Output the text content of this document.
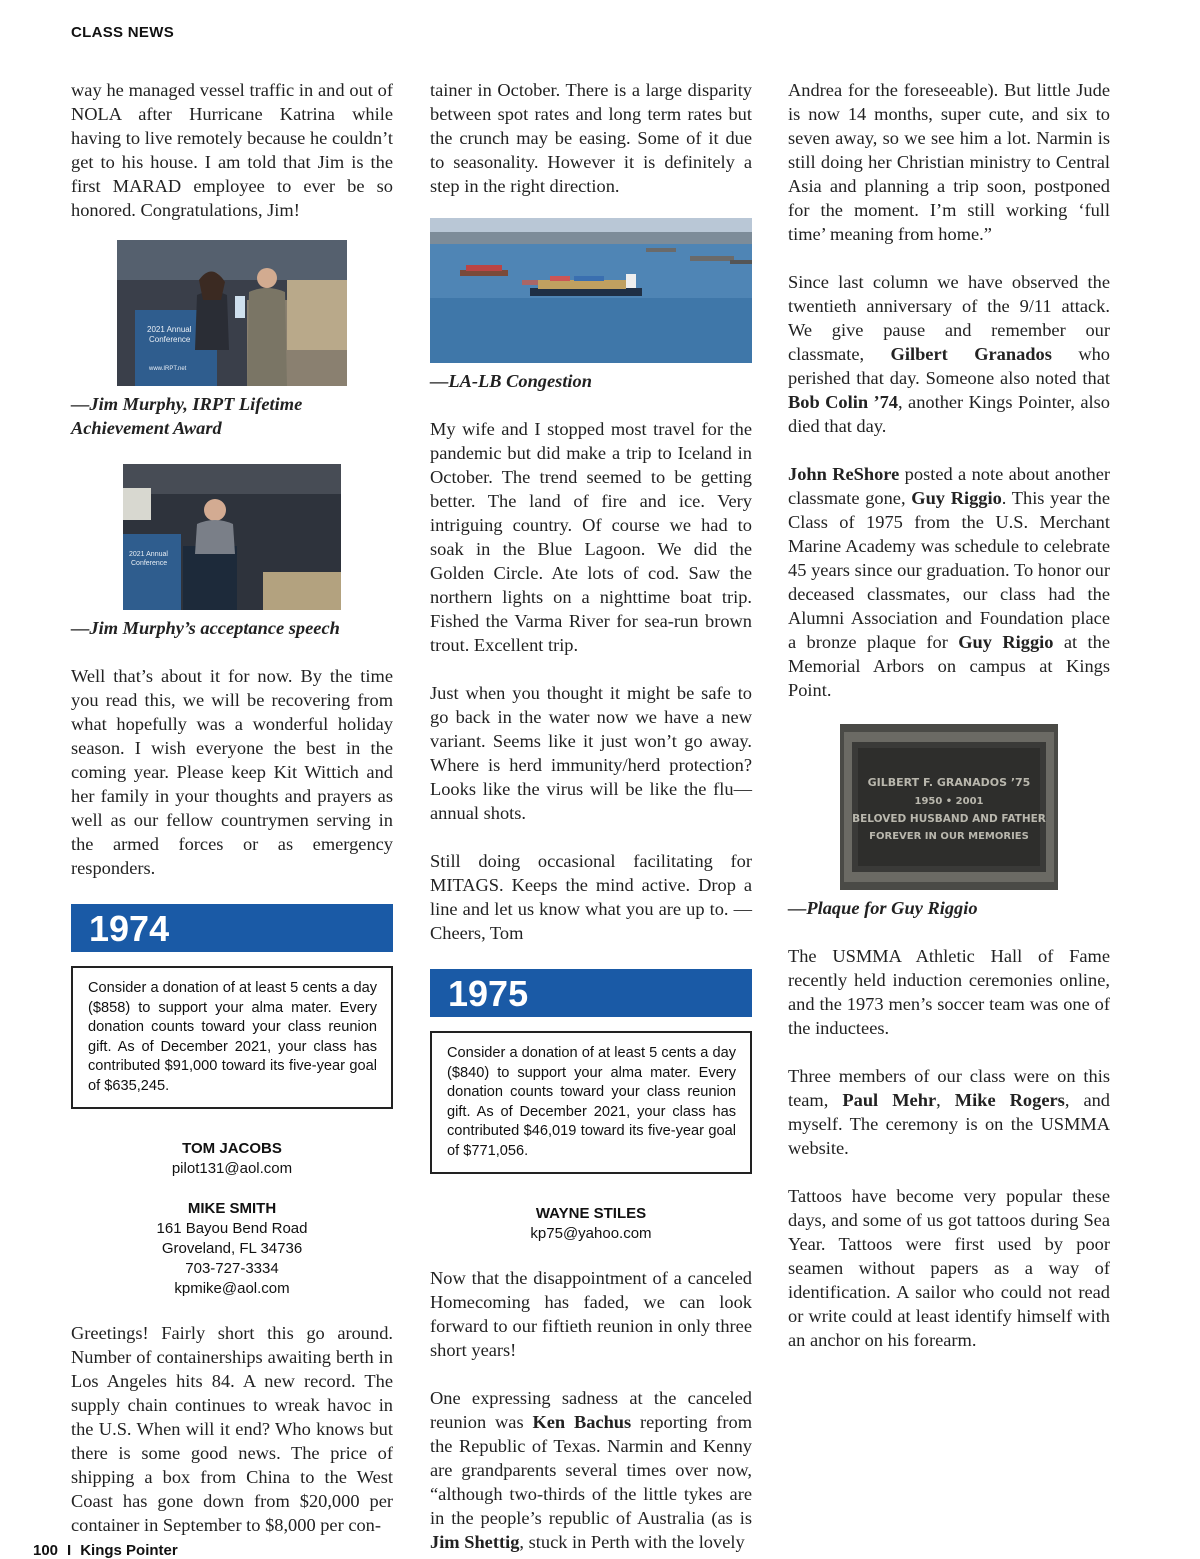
CLASS NEWS

way he managed vessel traffic in and out of NOLA after Hurricane Katrina while having to live remotely because he couldn’t get to his house. I am told that Jim is the first MARAD employee to ever be so honored. Congratulations, Jim!

2021 Annual
Conference
www.IRPT.net
—Jim Murphy, IRPT Lifetime Achievement Award
2021 Annual
Conference
—Jim Murphy’s acceptance speech

Well that’s about it for now. By the time you read this, we will be recovering from what hopefully was a wonderful holiday season. I wish everyone the best in the coming year. Please keep Kit Wittich and her family in your thoughts and prayers as well as our fellow countrymen serving in the armed forces or as emergency responders.

1974
Consider a donation of at least 5 cents a day ($858) to support your alma mater. Every donation counts toward your class reunion gift. As of December 2021, your class has contributed $91,000 toward its five-year goal of $635,245.
TOM JACOBS
pilot131@aol.com
MIKE SMITH
161 Bayou Bend Road
Groveland, FL 34736
703-727-3334
kpmike@aol.com

Greetings! Fairly short this go around. Number of containerships awaiting berth in Los Angeles hits 84. A new record. The supply chain continues to wreak havoc in the U.S. When will it end? Who knows but there is some good news. The price of shipping a box from China to the West Coast has gone down from $20,000 per container in September to $8,000 per con-

tainer in October. There is a large disparity between spot rates and long term rates but the crunch may be easing. Some of it due to seasonality. However it is definitely a step in the right direction.

—LA-LB Congestion

My wife and I stopped most travel for the pandemic but did make a trip to Iceland in October. The trend seemed to be getting better. The land of fire and ice. Very intriguing country. Of course we had to soak in the Blue Lagoon. We did the Golden Circle. Ate lots of cod. Saw the northern lights on a nighttime boat trip. Fished the Varma River for sea-run brown trout. Excellent trip.

Just when you thought it might be safe to go back in the water now we have a new variant. Seems like it just won’t go away. Where is herd immunity/herd protection? Looks like the virus will be like the flu—annual shots.

Still doing occasional facilitating for MITAGS. Keeps the mind active. Drop a line and let us know what you are up to. —Cheers, Tom

1975
Consider a donation of at least 5 cents a day ($840) to support your alma mater. Every donation counts toward your class reunion gift. As of December 2021, your class has contributed $46,019 toward its five-year goal of $771,056.
WAYNE STILES
kp75@yahoo.com

Now that the disappointment of a canceled Homecoming has faded, we can look forward to our fiftieth reunion in only three short years!

One expressing sadness at the canceled reunion was Ken Bachus reporting from the Republic of Texas. Narmin and Kenny are grandparents several times over now, “although two-thirds of the little tykes are in the people’s republic of Australia (as is Jim Shettig, stuck in Perth with the lovely

Andrea for the foreseeable). But little Jude is now 14 months, super cute, and six to seven away, so we see him a lot. Narmin is still doing her Christian ministry to Central Asia and planning a trip soon, postponed for the moment. I’m still working ‘full time’ meaning from home.”

Since last column we have observed the twentieth anniversary of the 9/11 attack. We give pause and remember our classmate, Gilbert Granados who perished that day. Someone also noted that Bob Colin ’74, another Kings Pointer, also died that day.

John ReShore posted a note about another classmate gone, Guy Riggio. This year the Class of 1975 from the U.S. Merchant Marine Academy was schedule to celebrate 45 years since our graduation. To honor our deceased classmates, our class had the Alumni Association and Foundation place a bronze plaque for Guy Riggio at the Memorial Arbors on campus at Kings Point.

GILBERT F. GRANADOS ’75
1950 • 2001
BELOVED HUSBAND AND FATHER
FOREVER IN OUR MEMORIES
—Plaque for Guy Riggio

The USMMA Athletic Hall of Fame recently held induction ceremonies online, and the 1973 men’s soccer team was one of the inductees.

Three members of our class were on this team, Paul Mehr, Mike Rogers, and myself. The ceremony is on the USMMA website.

Tattoos have become very popular these days, and some of us got tattoos during Sea Year. Tattoos were first used by poor seamen without papers as a way of identification. A sailor who could not read or write could at least identify himself with an anchor on his forearm.

100 I Kings Pointer
